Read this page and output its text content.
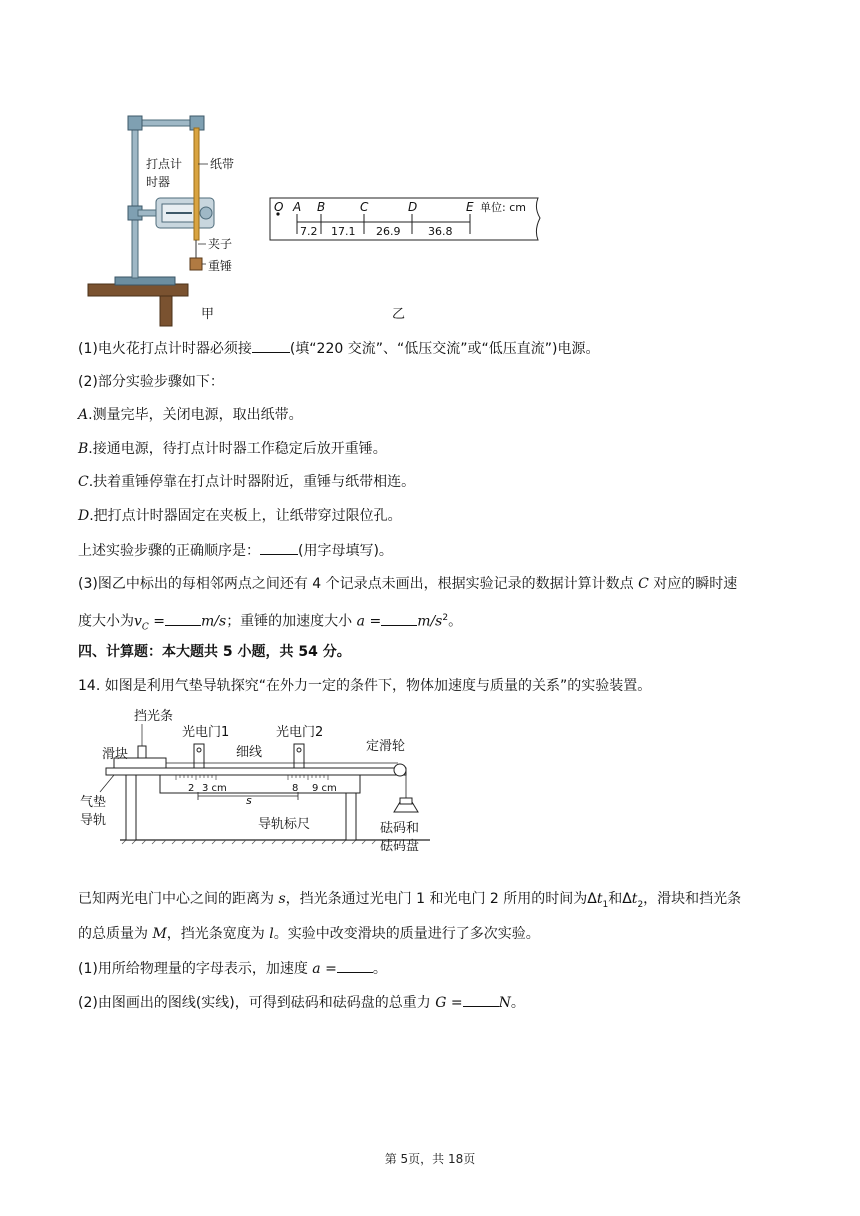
打点计
时器
纸带
夹子
重锤
甲
O A B	C	D	E 单位: cm
7.2 17.1 26.9	36.8
乙
(1)电火花打点计时器必须接	(填“220 交流”、“低压交流”或“低压直流”)电源。
(2)部分实验步骤如下：
A.测量完毕，关闭电源，取出纸带。
B.接通电源，待打点计时器工作稳定后放开重锤。
C.扶着重锤停靠在打点计时器附近，重锤与纸带相连。
D.把打点计时器固定在夹板上，让纸带穿过限位孔。
上述实验步骤的正确顺序是：	(用字母填写)。
(3)图乙中标出的每相邻两点之间还有 4 个记录点未画出，根据实验记录的数据计算计数点 C 对应的瞬时速
度大小为$v_C$ =	m/s；重锤的加速度大小 a =	$m/s^2$。
四、计算题：本大题共 5 小题，共 54 分。
14. 如图是利用气垫导轨探究“在外力一定的条件下，物体加速度与质量的关系”的实验装置。
2 3 cm	8 9 cm
s
挡光条
光电门1	光电门2
滑块	细线	定滑轮
气垫
导轨	导轨标尺	砝码和
砝码盘
已知两光电门中心之间的距离为 s，挡光条通过光电门 1 和光电门 2 所用的时间为$\Delta t_1$和$\Delta t_2$，滑块和挡光条
的总质量为 M，挡光条宽度为 l。实验中改变滑块的质量进行了多次实验。
(1)用所给物理量的字母表示，加速度 a =	。
(2)由图画出的图线(实线)，可得到砝码和砝码盘的总重力 G =	N。
第 5页，共 18页
